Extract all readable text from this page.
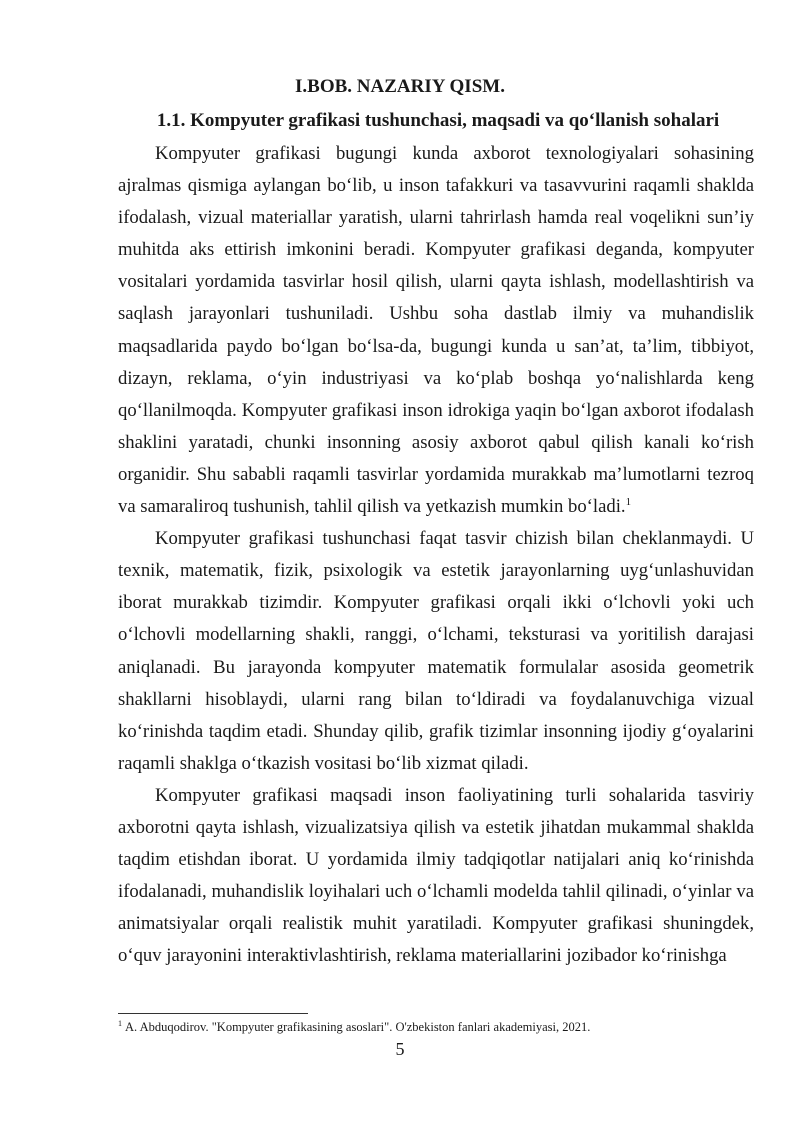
I.BOB. NAZARIY QISM.
1.1. Kompyuter grafikasi tushunchasi, maqsadi va qo‘llanish sohalari

Kompyuter grafikasi bugungi kunda axborot texnologiyalari sohasining ajralmas qismiga aylangan bo‘lib, u inson tafakkuri va tasavvurini raqamli shaklda ifodalash, vizual materiallar yaratish, ularni tahrirlash hamda real voqelikni sun’iy muhitda aks ettirish imkonini beradi. Kompyuter grafikasi deganda, kompyuter vositalari yordamida tasvirlar hosil qilish, ularni qayta ishlash, modellashtirish va saqlash jarayonlari tushuniladi. Ushbu soha dastlab ilmiy va muhandislik maqsadlarida paydo bo‘lgan bo‘lsa-da, bugungi kunda u san’at, ta’lim, tibbiyot, dizayn, reklama, o‘yin industriyasi va ko‘plab boshqa yo‘nalishlarda keng qo‘llanilmoqda. Kompyuter grafikasi inson idrokiga yaqin bo‘lgan axborot ifodalash shaklini yaratadi, chunki insonning asosiy axborot qabul qilish kanali ko‘rish organidir. Shu sababli raqamli tasvirlar yordamida murakkab ma’lumotlarni tezroq va samaraliroq tushunish, tahlil qilish va yetkazish mumkin bo‘ladi.$^1$

Kompyuter grafikasi tushunchasi faqat tasvir chizish bilan cheklanmaydi. U texnik, matematik, fizik, psixologik va estetik jarayonlarning uyg‘unlashuvidan iborat murakkab tizimdir. Kompyuter grafikasi orqali ikki o‘lchovli yoki uch o‘lchovli modellarning shakli, ranggi, o‘lchami, teksturasi va yoritilish darajasi aniqlanadi. Bu jarayonda kompyuter matematik formulalar asosida geometrik shakllarni hisoblaydi, ularni rang bilan to‘ldiradi va foydalanuvchiga vizual ko‘rinishda taqdim etadi. Shunday qilib, grafik tizimlar insonning ijodiy g‘oyalarini raqamli shaklga o‘tkazish vositasi bo‘lib xizmat qiladi.

Kompyuter grafikasi maqsadi inson faoliyatining turli sohalarida tasviriy axborotni qayta ishlash, vizualizatsiya qilish va estetik jihatdan mukammal shaklda taqdim etishdan iborat. U yordamida ilmiy tadqiqotlar natijalari aniq ko‘rinishda ifodalanadi, muhandislik loyihalari uch o‘lchamli modelda tahlil qilinadi, o‘yinlar va animatsiyalar orqali realistik muhit yaratiladi. Kompyuter grafikasi shuningdek, o‘quv jarayonini interaktivlashtirish, reklama materiallarini jozibador ko‘rinishga

$^1$ A. Abduqodirov. "Kompyuter grafikasining asoslari". O'zbekiston fanlari akademiyasi, 2021.

5
